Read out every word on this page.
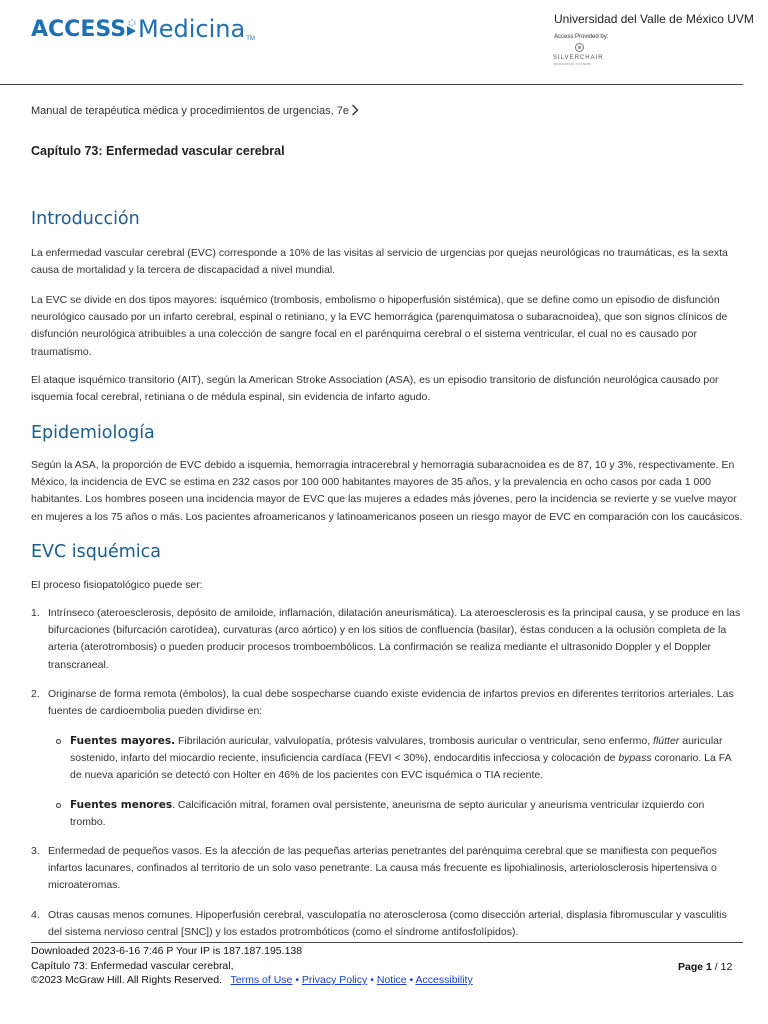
ACCESS Medicina TM
Universidad del Valle de México UVM
Access Provided by:
SILVERCHAIR
INFORMATION / SYSTEMS
Manual de terapéutica médica y procedimientos de urgencias, 7e
Capítulo 73: Enfermedad vascular cerebral
Introducción

La enfermedad vascular cerebral (EVC) corresponde a 10% de las visitas al servicio de urgencias por quejas neurológicas no traumáticas, es la sexta causa de mortalidad y la tercera de discapacidad a nivel mundial.

La EVC se divide en dos tipos mayores: isquémico (trombosis, embolismo o hipoperfusión sistémica), que se define como un episodio de disfunción neurológico causado por un infarto cerebral, espinal o retiniano, y la EVC hemorrágica (parenquimatosa o subaracnoidea), que son signos clínicos de disfunción neurológica atribuibles a una colección de sangre focal en el parénquima cerebral o el sistema ventricular, el cual no es causado por traumatismo.

El ataque isquémico transitorio (AIT), según la American Stroke Association (ASA), es un episodio transitorio de disfunción neurológica causado por isquemia focal cerebral, retiniana o de médula espinal, sin evidencia de infarto agudo.

Epidemiología

Según la ASA, la proporción de EVC debido a isquemia, hemorragia intracerebral y hemorragia subaracnoidea es de 87, 10 y 3%, respectivamente. En México, la incidencia de EVC se estima en 232 casos por 100 000 habitantes mayores de 35 años, y la prevalencia en ocho casos por cada 1 000 habitantes. Los hombres poseen una incidencia mayor de EVC que las mujeres a edades más jóvenes, pero la incidencia se revierte y se vuelve mayor en mujeres a los 75 años o más. Los pacientes afroamericanos y latinoamericanos poseen un riesgo mayor de EVC en comparación con los caucásicos.

EVC isquémica

El proceso fisiopatológico puede ser:

1. Intrínseco (ateroesclerosis, depósito de amiloide, inflamación, dilatación aneurismática). La ateroesclerosis es la principal causa, y se produce en las bifurcaciones (bifurcación carotídea), curvaturas (arco aórtico) y en los sitios de confluencia (basilar), éstas conducen a la oclusión completa de la arteria (aterotrombosis) o pueden producir procesos tromboembólicos. La confirmación se realiza mediante el ultrasonido Doppler y el Doppler transcraneal.
2. Originarse de forma remota (émbolos), la cual debe sospecharse cuando existe evidencia de infartos previos en diferentes territorios arteriales. Las fuentes de cardioembolia pueden dividirse en:
Fuentes mayores. Fibrilación auricular, valvulopatía, prótesis valvulares, trombosis auricular o ventricular, seno enfermo, flútter auricular sostenido, infarto del miocardio reciente, insuficiencia cardíaca (FEVI < 30%), endocarditis infecciosa y colocación de bypass coronario. La FA de nueva aparición se detectó con Holter en 46% de los pacientes con EVC isquémica o TIA reciente.
Fuentes menores. Calcificación mitral, foramen oval persistente, aneurisma de septo auricular y aneurisma ventricular izquierdo con trombo.
3. Enfermedad de pequeños vasos. Es la afección de las pequeñas arterias penetrantes del parénquima cerebral que se manifiesta con pequeños infartos lacunares, confinados al territorio de un solo vaso penetrante. La causa más frecuente es lipohialinosis, arteriolosclerosis hipertensiva o microateromas.
4. Otras causas menos comunes. Hipoperfusión cerebral, vasculopatía no aterosclerosa (como disección arterial, displasia fibromuscular y vasculitis del sistema nervioso central [SNC]) y los estados protrombóticos (como el síndrome antifosfolípidos).
Downloaded 2023-6-16 7:46 P Your IP is 187.187.195.138
Capítulo 73: Enfermedad vascular cerebral,
©2023 McGraw Hill. All Rights Reserved. Terms of Use • Privacy Policy • Notice • Accessibility
Page 1 / 12
